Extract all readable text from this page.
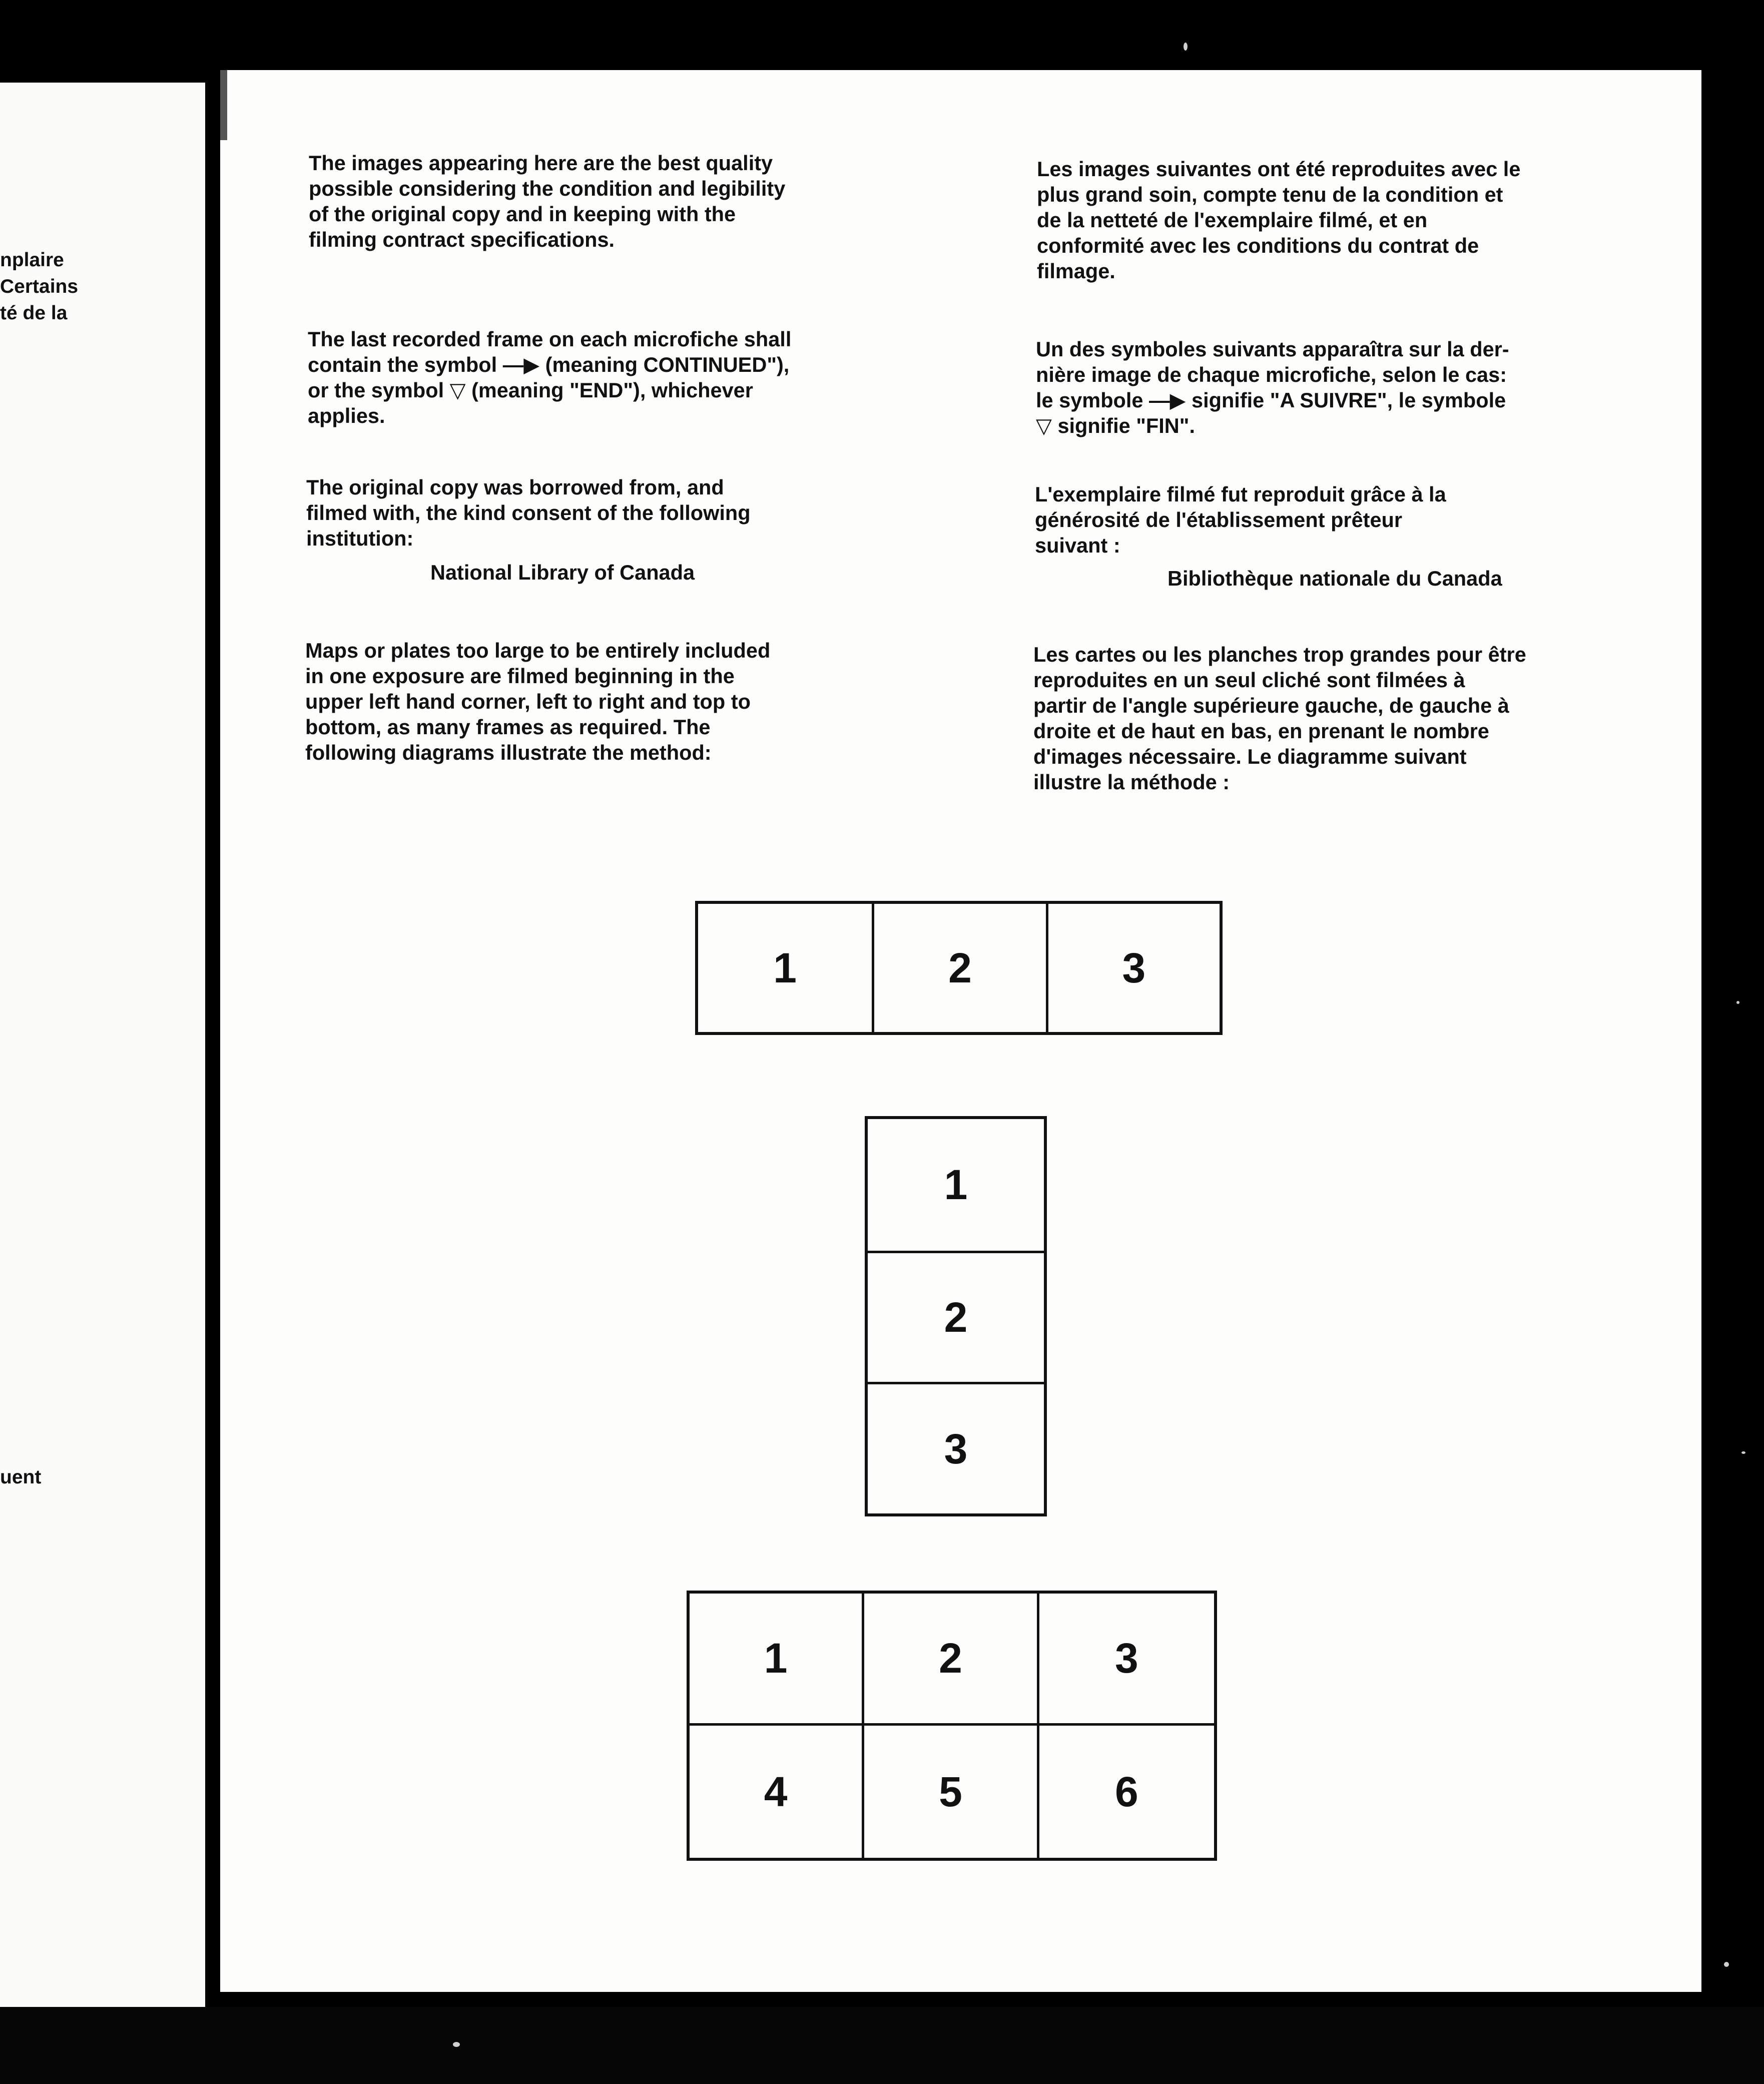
nplaire
Certains
té de la

uent

The images appearing here are the best quality
possible considering the condition and legibility
of the original copy and in keeping with the
filming contract specifications.

The last recorded frame on each microfiche shall
contain the symbol —▶ (meaning CONTINUED"),
or the symbol ▽ (meaning "END"), whichever
applies.

The original copy was borrowed from, and
filmed with, the kind consent of the following
institution:

National Library of Canada

Maps or plates too large to be entirely included
in one exposure are filmed beginning in the
upper left hand corner, left to right and top to
bottom, as many frames as required. The
following diagrams illustrate the method:

Les images suivantes ont été reproduites avec le
plus grand soin, compte tenu de la condition et
de la netteté de l'exemplaire filmé, et en
conformité avec les conditions du contrat de
filmage.

Un des symboles suivants apparaîtra sur la der-
nière image de chaque microfiche, selon le cas:
le symbole —▶ signifie "A SUIVRE", le symbole
▽ signifie "FIN".

L'exemplaire filmé fut reproduit grâce à la
générosité de l'établissement prêteur
suivant :

Bibliothèque nationale du Canada

Les cartes ou les planches trop grandes pour être
reproduites en un seul cliché sont filmées à
partir de l'angle supérieure gauche, de gauche à
droite et de haut en bas, en prenant le nombre
d'images nécessaire. Le diagramme suivant
illustre la méthode :

1	2	3
1
2
3
1	2	3
4	5	6
